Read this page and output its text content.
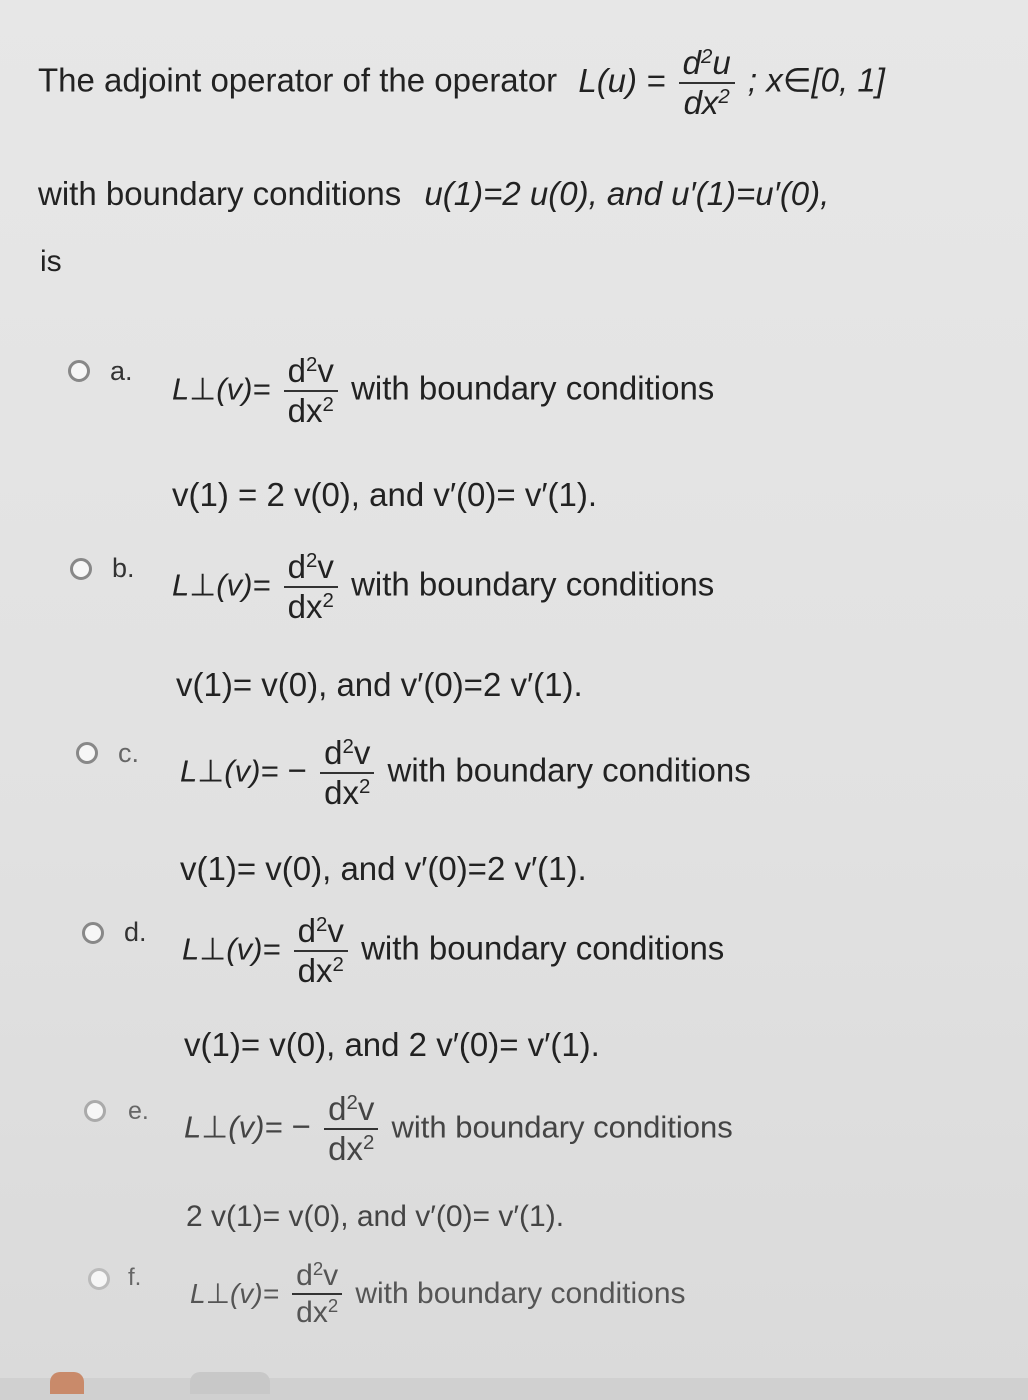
The adjoint operator of the operator $L(u) = \frac{d^2u}{dx^2}$ ; x∈[0, 1]
with boundary conditions u(1)=2 u(0), and u′(1)=u′(0),
is
a.
L⊥(v)= $\frac{d^2v}{dx^2}$ with boundary conditions
v(1) = 2 v(0), and v′(0)= v′(1).
b. L⊥(v)= $\frac{d^2v}{dx^2}$ with boundary conditions
v(1)= v(0), and v′(0)=2 v′(1).
c.
L⊥(v)= − $\frac{d^2v}{dx^2}$ with boundary conditions
v(1)= v(0), and v′(0)=2 v′(1).
d. L⊥(v)= $\frac{d^2v}{dx^2}$ with boundary conditions
v(1)= v(0), and 2 v′(0)= v′(1).
e. L⊥(v)= − $\frac{d^2v}{dx^2}$ with boundary conditions
2 v(1)= v(0), and v′(0)= v′(1).
f.
L⊥(v)= $\frac{d^2v}{dx^2}$ with boundary conditions
